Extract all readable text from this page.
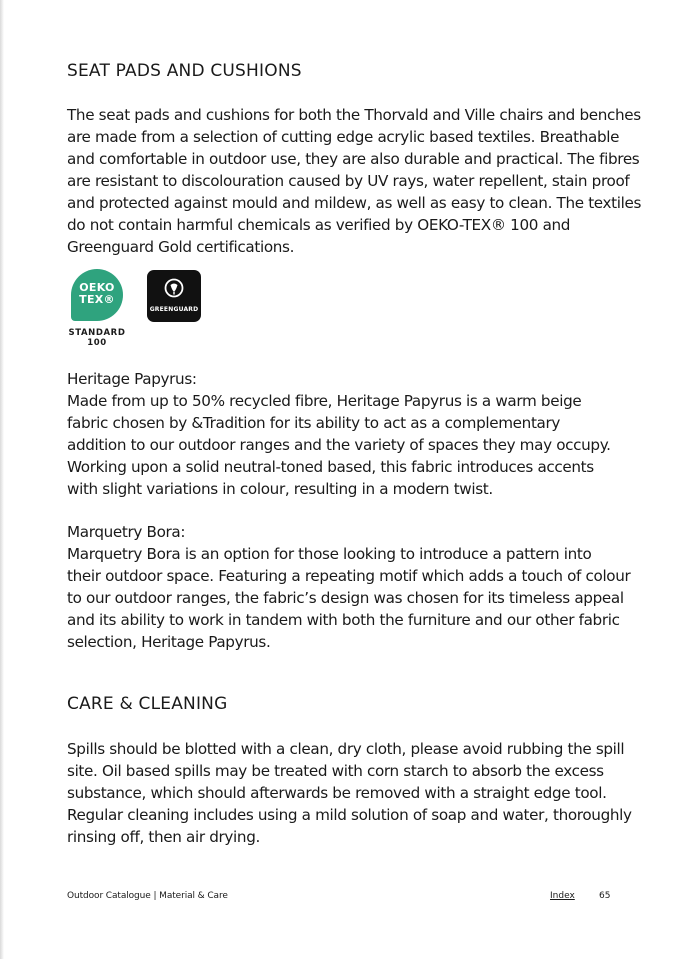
SEAT PADS AND CUSHIONS
The seat pads and cushions for both the Thorvald and Ville chairs and benches
are made from a selection of cutting edge acrylic based textiles. Breathable
and comfortable in outdoor use, they are also durable and practical. The fibres
are resistant to discolouration caused by UV rays, water repellent, stain proof
and protected against mould and mildew, as well as easy to clean. The textiles
do not contain harmful chemicals as verified by OEKO-TEX® 100 and
Greenguard Gold certifications.
OEKO
TEX®
STANDARD
100
GREENGUARD
Heritage Papyrus:
Made from up to 50% recycled fibre, Heritage Papyrus is a warm beige
fabric chosen by &Tradition for its ability to act as a complementary
addition to our outdoor ranges and the variety of spaces they may occupy.
Working upon a solid neutral-toned based, this fabric introduces accents
with slight variations in colour, resulting in a modern twist.
Marquetry Bora:
Marquetry Bora is an option for those looking to introduce a pattern into
their outdoor space. Featuring a repeating motif which adds a touch of colour
to our outdoor ranges, the fabric’s design was chosen for its timeless appeal
and its ability to work in tandem with both the furniture and our other fabric
selection, Heritage Papyrus.
CARE & CLEANING
Spills should be blotted with a clean, dry cloth, please avoid rubbing the spill
site. Oil based spills may be treated with corn starch to absorb the excess
substance, which should afterwards be removed with a straight edge tool.
Regular cleaning includes using a mild solution of soap and water, thoroughly
rinsing off, then air drying.
Outdoor Catalogue | Material & Care	Index	65
